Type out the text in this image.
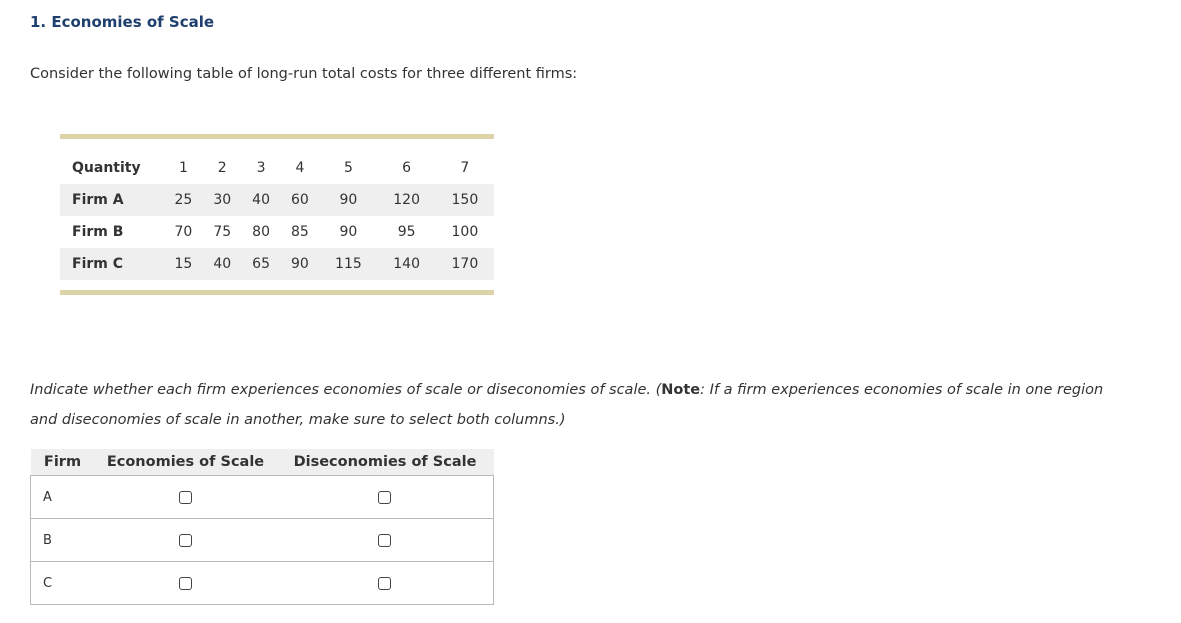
1. Economies of Scale
Consider the following table of long-run total costs for three different firms:
Quantity	1	2	3	4	5	6	7
Firm A	25	30	40	60	90	120	150
Firm B	70	75	80	85	90	95	100
Firm C	15	40	65	90	115	140	170
Indicate whether each firm experiences economies of scale or diseconomies of scale. (Note: If a firm experiences economies of scale in one region
and diseconomies of scale in another, make sure to select both columns.)
Firm	Economies of Scale	Diseconomies of Scale
A		
B		
C		
